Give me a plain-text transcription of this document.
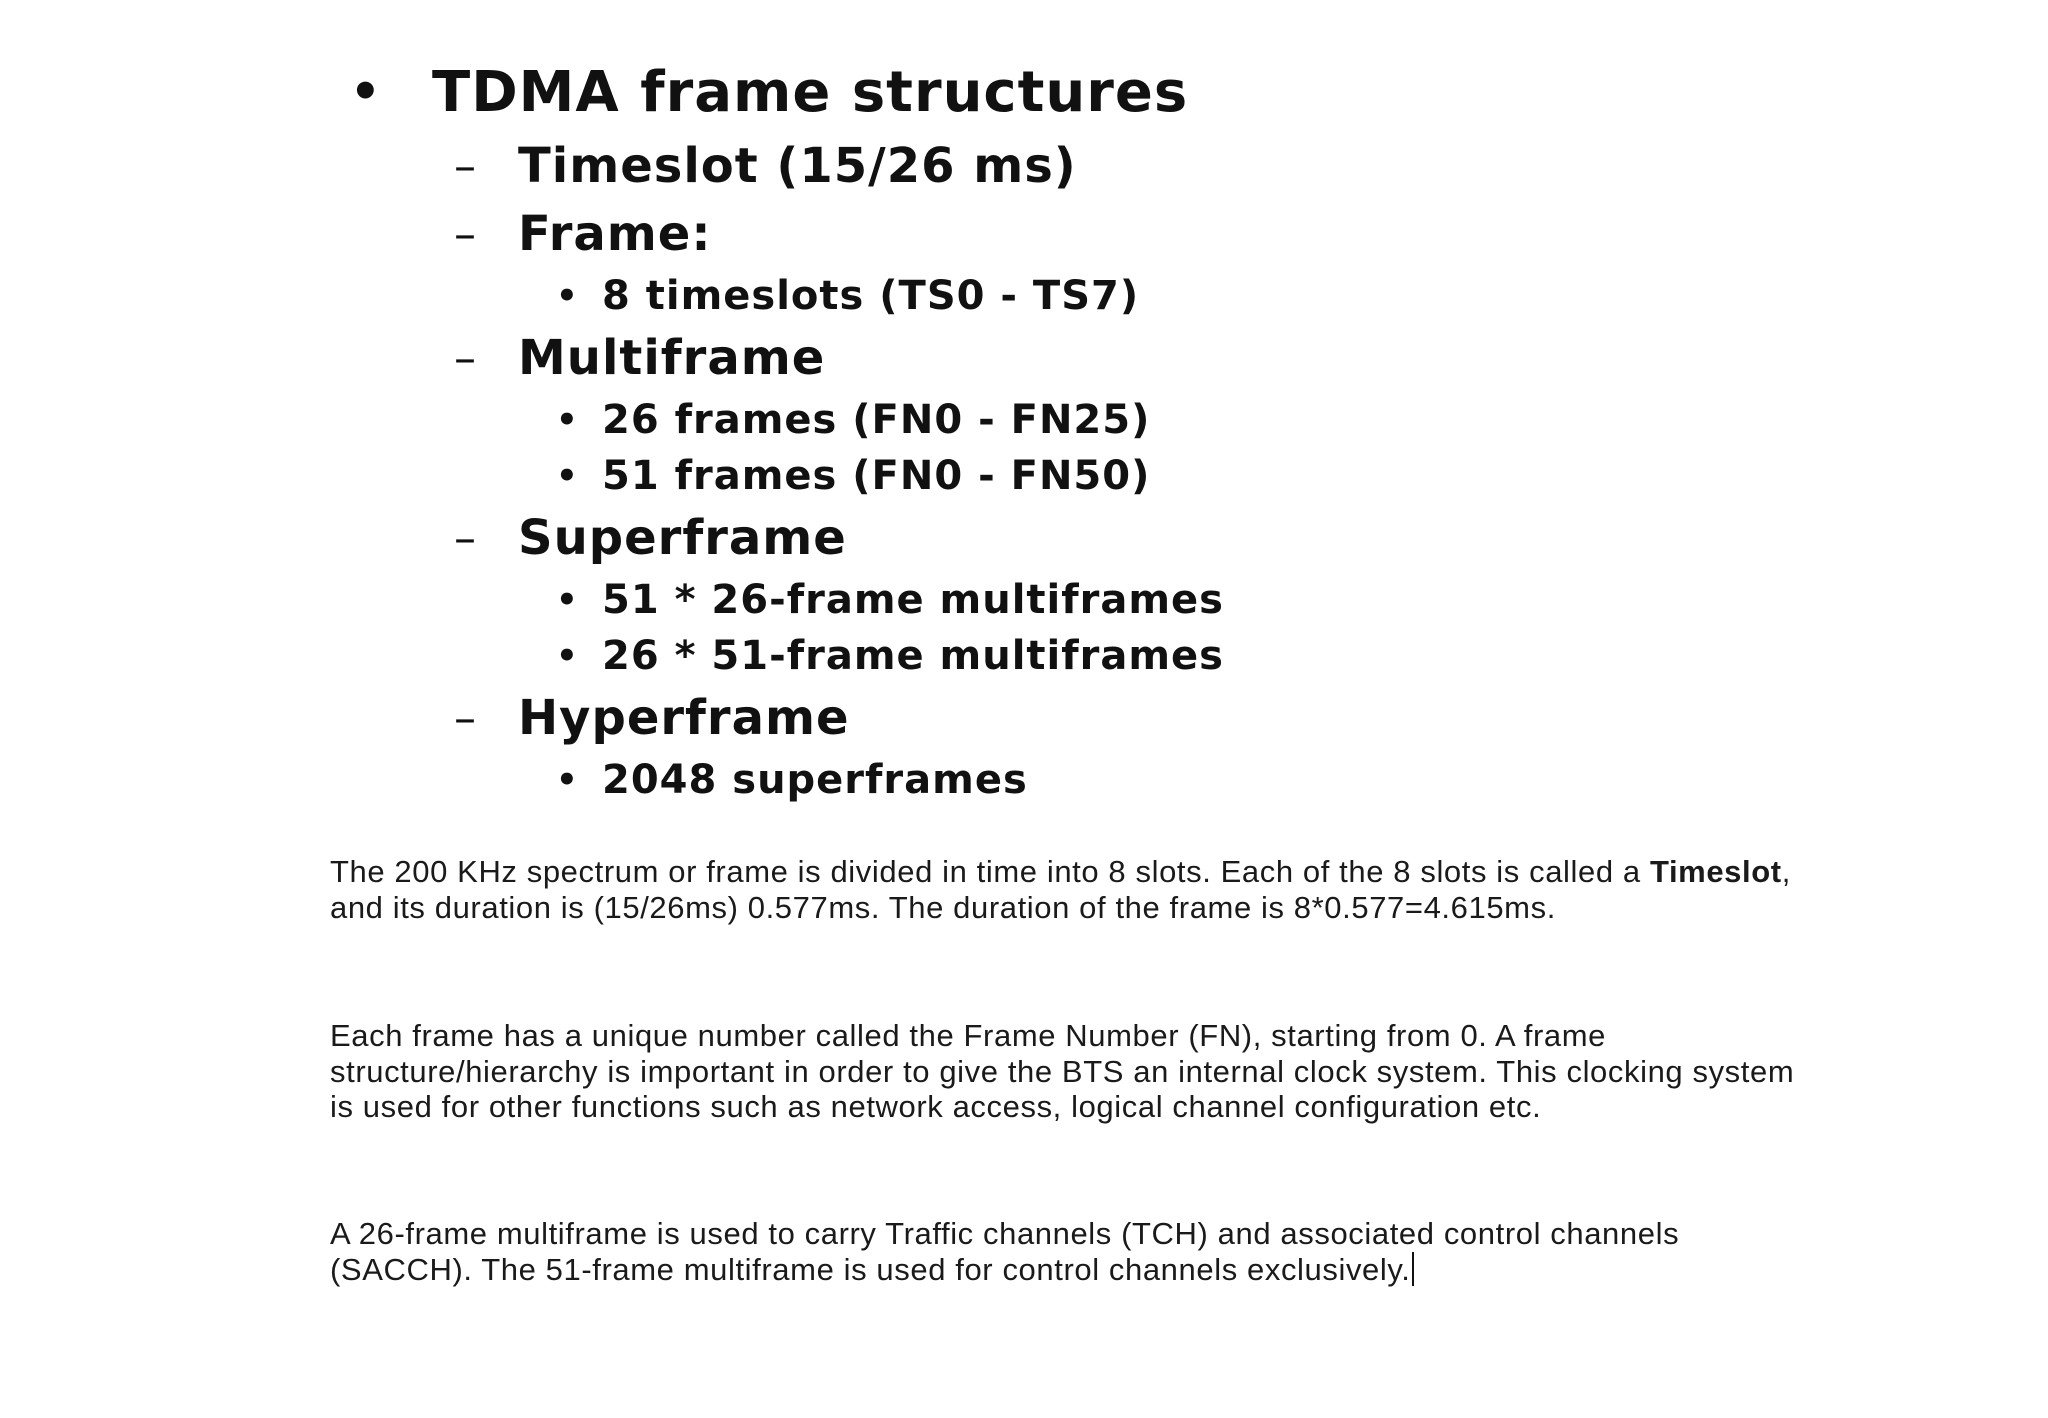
• TDMA frame structures
– Timeslot (15/26 ms)
– Frame:
• 8 timeslots (TS0 - TS7)
– Multiframe
• 26 frames (FN0 - FN25)
• 51 frames (FN0 - FN50)
– Superframe
• 51 * 26-frame multiframes
• 26 * 51-frame multiframes
– Hyperframe
• 2048 superframes
The 200 KHz spectrum or frame is divided in time into 8 slots. Each of the 8 slots is called a Timeslot, and its duration is (15/26ms) 0.577ms. The duration of the frame is 8*0.577=4.615ms.
Each frame has a unique number called the Frame Number (FN), starting from 0. A frame structure/hierarchy is important in order to give the BTS an internal clock system. This clocking system is used for other functions such as network access, logical channel configuration etc.
A 26-frame multiframe is used to carry Traffic channels (TCH) and associated control channels (SACCH). The 51-frame multiframe is used for control channels exclusively.
